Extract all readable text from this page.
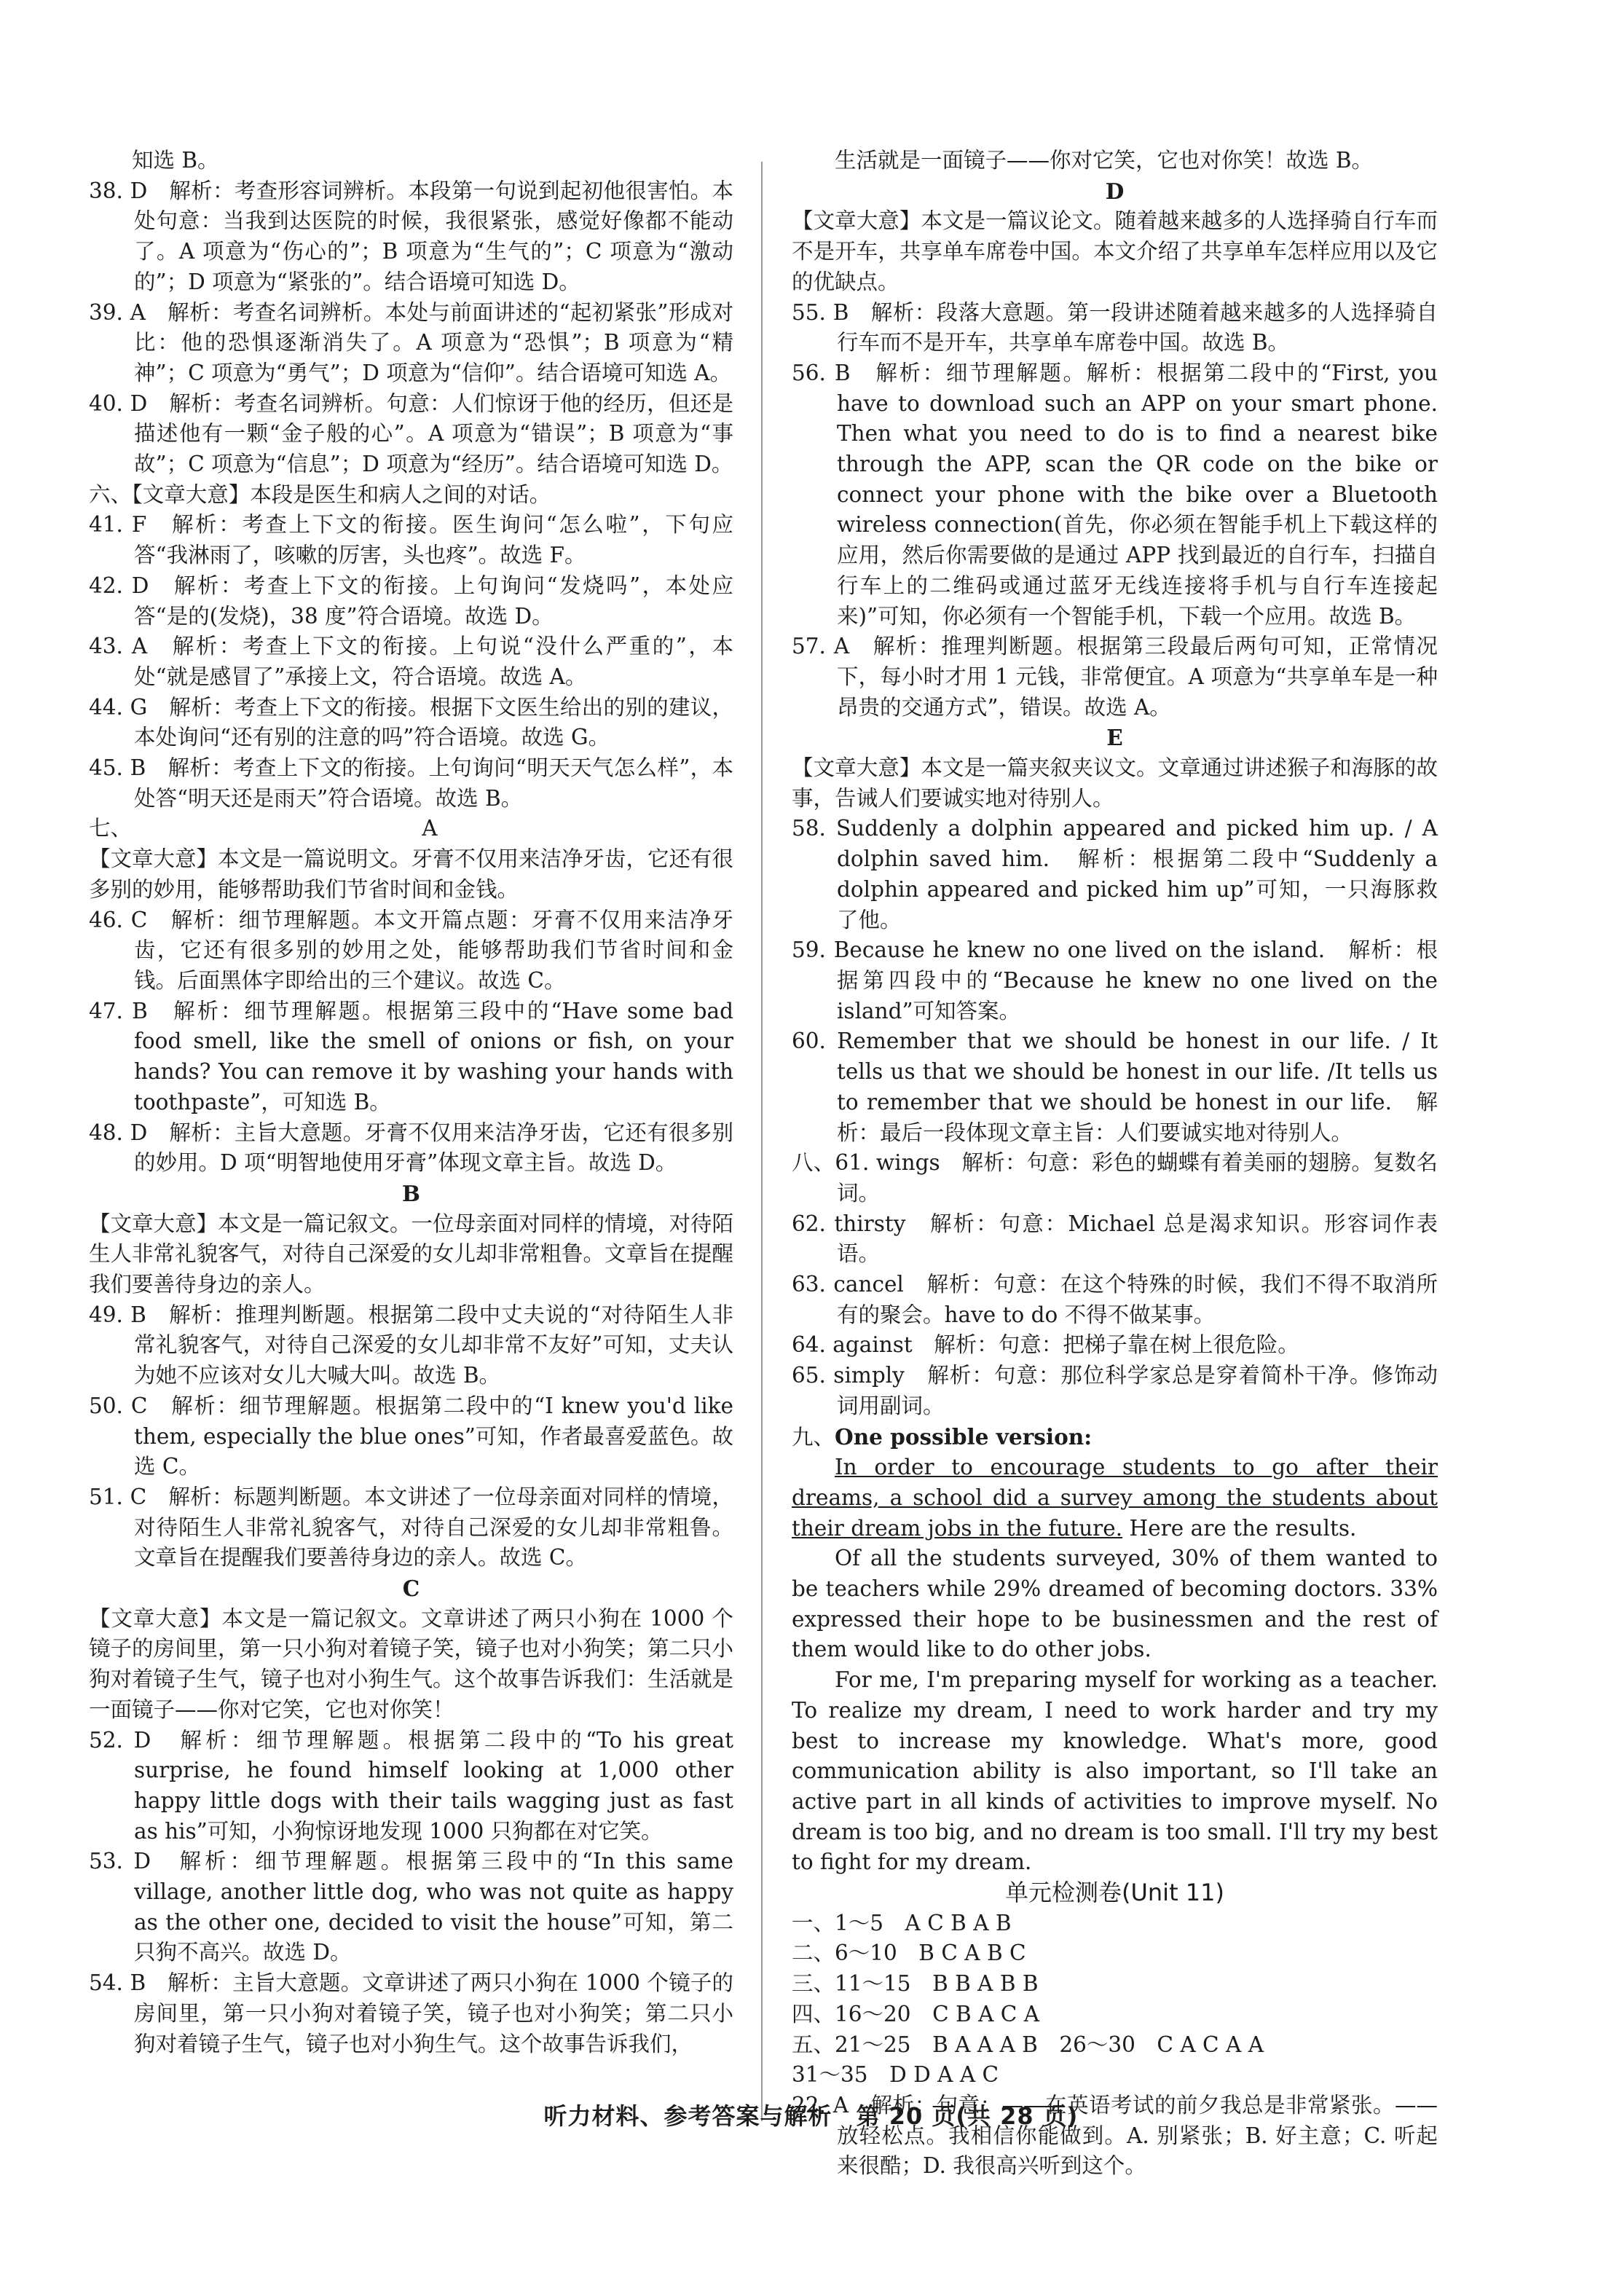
知选 B。

38. D　解析：考查形容词辨析。本段第一句说到起初他很害怕。本处句意：当我到达医院的时候，我很紧张，感觉好像都不能动了。A 项意为“伤心的”；B 项意为“生气的”；C 项意为“激动的”；D 项意为“紧张的”。结合语境可知选 D。

39. A　解析：考查名词辨析。本处与前面讲述的“起初紧张”形成对比：他的恐惧逐渐消失了。A 项意为“恐惧”；B 项意为“精神”；C 项意为“勇气”；D 项意为“信仰”。结合语境可知选 A。

40. D　解析：考查名词辨析。句意：人们惊讶于他的经历，但还是描述他有一颗“金子般的心”。A 项意为“错误”；B 项意为“事故”；C 项意为“信息”；D 项意为“经历”。结合语境可知选 D。

六、【文章大意】本段是医生和病人之间的对话。

41. F　解析：考查上下文的衔接。医生询问“怎么啦”，下句应答“我淋雨了，咳嗽的厉害，头也疼”。故选 F。

42. D　解析：考查上下文的衔接。上句询问“发烧吗”，本处应答“是的(发烧)，38 度”符合语境。故选 D。

43. A　解析：考查上下文的衔接。上句说“没什么严重的”，本处“就是感冒了”承接上文，符合语境。故选 A。

44. G　解析：考查上下文的衔接。根据下文医生给出的别的建议，本处询问“还有别的注意的吗”符合语境。故选 G。

45. B　解析：考查上下文的衔接。上句询问“明天天气怎么样”，本处答“明天还是雨天”符合语境。故选 B。

七、　　　　　　　　　　　　　　A

【文章大意】本文是一篇说明文。牙膏不仅用来洁净牙齿，它还有很多别的妙用，能够帮助我们节省时间和金钱。

46. C　解析：细节理解题。本文开篇点题：牙膏不仅用来洁净牙齿，它还有很多别的妙用之处，能够帮助我们节省时间和金钱。后面黑体字即给出的三个建议。故选 C。

47. B　解析：细节理解题。根据第三段中的“Have some bad food smell, like the smell of onions or fish, on your hands? You can remove it by washing your hands with toothpaste”，可知选 B。

48. D　解析：主旨大意题。牙膏不仅用来洁净牙齿，它还有很多别的妙用。D 项“明智地使用牙膏”体现文章主旨。故选 D。

B

【文章大意】本文是一篇记叙文。一位母亲面对同样的情境，对待陌生人非常礼貌客气，对待自己深爱的女儿却非常粗鲁。文章旨在提醒我们要善待身边的亲人。

49. B　解析：推理判断题。根据第二段中丈夫说的“对待陌生人非常礼貌客气，对待自己深爱的女儿却非常不友好”可知，丈夫认为她不应该对女儿大喊大叫。故选 B。

50. C　解析：细节理解题。根据第二段中的“I knew you'd like them, especially the blue ones”可知，作者最喜爱蓝色。故选 C。

51. C　解析：标题判断题。本文讲述了一位母亲面对同样的情境，对待陌生人非常礼貌客气，对待自己深爱的女儿却非常粗鲁。文章旨在提醒我们要善待身边的亲人。故选 C。

C

【文章大意】本文是一篇记叙文。文章讲述了两只小狗在 1000 个镜子的房间里，第一只小狗对着镜子笑，镜子也对小狗笑；第二只小狗对着镜子生气，镜子也对小狗生气。这个故事告诉我们：生活就是一面镜子——你对它笑，它也对你笑！

52. D　解析：细节理解题。根据第二段中的“To his great surprise, he found himself looking at 1,000 other happy little dogs with their tails wagging just as fast as his”可知，小狗惊讶地发现 1000 只狗都在对它笑。

53. D　解析：细节理解题。根据第三段中的“In this same village, another little dog, who was not quite as happy as the other one, decided to visit the house”可知，第二只狗不高兴。故选 D。

54. B　解析：主旨大意题。文章讲述了两只小狗在 1000 个镜子的房间里，第一只小狗对着镜子笑，镜子也对小狗笑；第二只小狗对着镜子生气，镜子也对小狗生气。这个故事告诉我们，

生活就是一面镜子——你对它笑，它也对你笑！故选 B。

D

【文章大意】本文是一篇议论文。随着越来越多的人选择骑自行车而不是开车，共享单车席卷中国。本文介绍了共享单车怎样应用以及它的优缺点。

55. B　解析：段落大意题。第一段讲述随着越来越多的人选择骑自行车而不是开车，共享单车席卷中国。故选 B。

56. B　解析：细节理解题。解析：根据第二段中的“First, you have to download such an APP on your smart phone. Then what you need to do is to find a nearest bike through the APP, scan the QR code on the bike or connect your phone with the bike over a Bluetooth wireless connection(首先，你必须在智能手机上下载这样的应用，然后你需要做的是通过 APP 找到最近的自行车，扫描自行车上的二维码或通过蓝牙无线连接将手机与自行车连接起来)”可知，你必须有一个智能手机，下载一个应用。故选 B。

57. A　解析：推理判断题。根据第三段最后两句可知，正常情况下，每小时才用 1 元钱，非常便宜。A 项意为“共享单车是一种昂贵的交通方式”，错误。故选 A。

E

【文章大意】本文是一篇夹叙夹议文。文章通过讲述猴子和海豚的故事，告诫人们要诚实地对待别人。

58. Suddenly a dolphin appeared and picked him up. / A dolphin saved him.　解析：根据第二段中“Suddenly a dolphin appeared and picked him up”可知，一只海豚救了他。

59. Because he knew no one lived on the island.　解析：根据第四段中的“Because he knew no one lived on the island”可知答案。

60. Remember that we should be honest in our life. / It tells us that we should be honest in our life. /It tells us to remember that we should be honest in our life.　解析：最后一段体现文章主旨：人们要诚实地对待别人。

八、61. wings　解析：句意：彩色的蝴蝶有着美丽的翅膀。复数名词。

62. thirsty　解析：句意：Michael 总是渴求知识。形容词作表语。

63. cancel　解析：句意：在这个特殊的时候，我们不得不取消所有的聚会。have to do 不得不做某事。

64. against　解析：句意：把梯子靠在树上很危险。

65. simply　解析：句意：那位科学家总是穿着简朴干净。修饰动词用副词。

九、One possible version:

In order to encourage students to go after their dreams, a school did a survey among the students about their dream jobs in the future. Here are the results.

Of all the students surveyed, 30% of them wanted to be teachers while 29% dreamed of becoming doctors. 33% expressed their hope to be businessmen and the rest of them would like to do other jobs.

For me, I'm preparing myself for working as a teacher. To realize my dream, I need to work harder and try my best to increase my knowledge. What's more, good communication ability is also important, so I'll take an active part in all kinds of activities to improve myself. No dream is too big, and no dream is too small. I'll try my best to fight for my dream.

单元检测卷(Unit 11)

一、1～5　A C B A B

二、6～10　B C A B C

三、11～15　B B A B B

四、16～20　C B A C A

五、21～25　B A A A B　26～30　C A C A A

31～35　D D A A C

22. A　解析：句意：——在英语考试的前夕我总是非常紧张。——放轻松点。我相信你能做到。A. 别紧张；B. 好主意；C. 听起来很酷；D. 我很高兴听到这个。

听力材料、参考答案与解析　第 20 页(共 28 页)
